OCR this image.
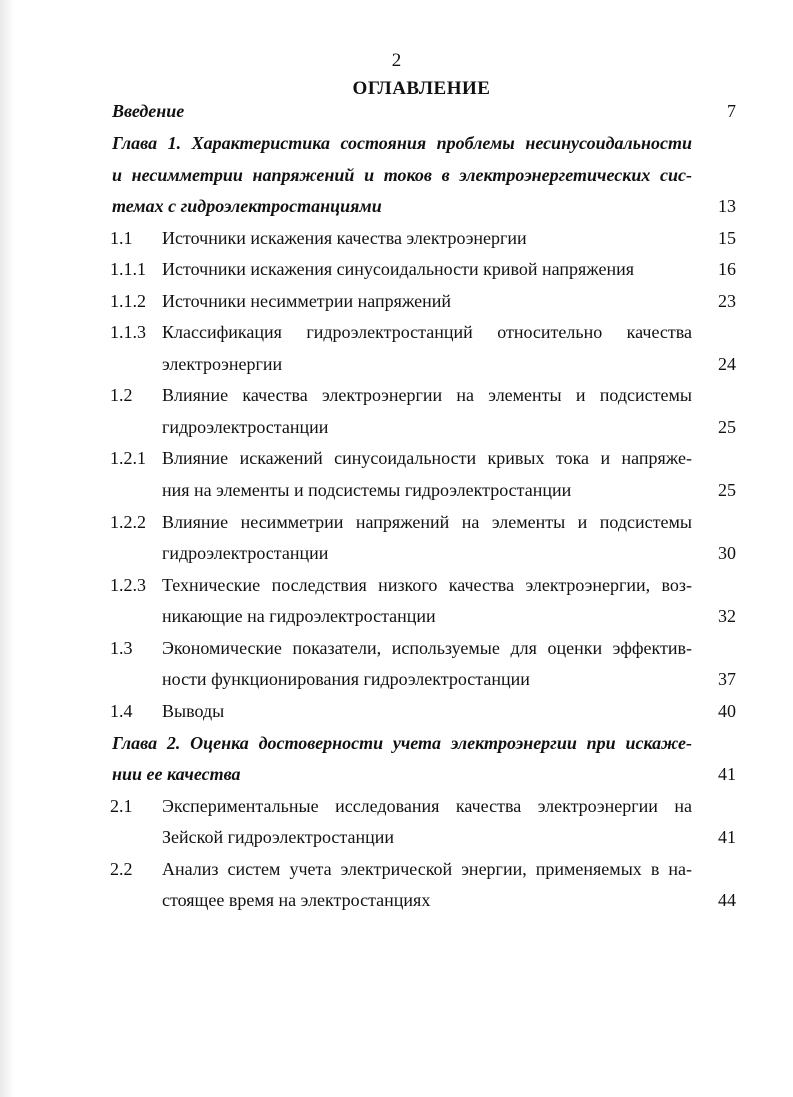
2
ОГЛАВЛЕНИЕ
Введение	7
Глава 1. Характеристика состояния проблемы несинусоидальности
и несимметрии напряжений и токов в электроэнергетических сис-
темах с гидроэлектростанциями	13
1.1 Источники искажения качества электроэнергии	15
1.1.1 Источники искажения синусоидальности кривой напряжения	16
1.1.2 Источники несимметрии напряжений	23
1.1.3 Классификация гидроэлектростанций относительно качества
электроэнергии	24
1.2 Влияние качества электроэнергии на элементы и подсистемы
гидроэлектростанции	25
1.2.1 Влияние искажений синусоидальности кривых тока и напряже-
ния на элементы и подсистемы гидроэлектростанции	25
1.2.2 Влияние несимметрии напряжений на элементы и подсистемы
гидроэлектростанции	30
1.2.3 Технические последствия низкого качества электроэнергии, воз-
никающие на гидроэлектростанции	32
1.3 Экономические показатели, используемые для оценки эффектив-
ности функционирования гидроэлектростанции	37
1.4 Выводы	40
Глава 2. Оценка достоверности учета электроэнергии при искаже-
нии ее качества	41
2.1 Экспериментальные исследования качества электроэнергии на
Зейской гидроэлектростанции	41
2.2 Анализ систем учета электрической энергии, применяемых в на-
стоящее время на электростанциях	44
